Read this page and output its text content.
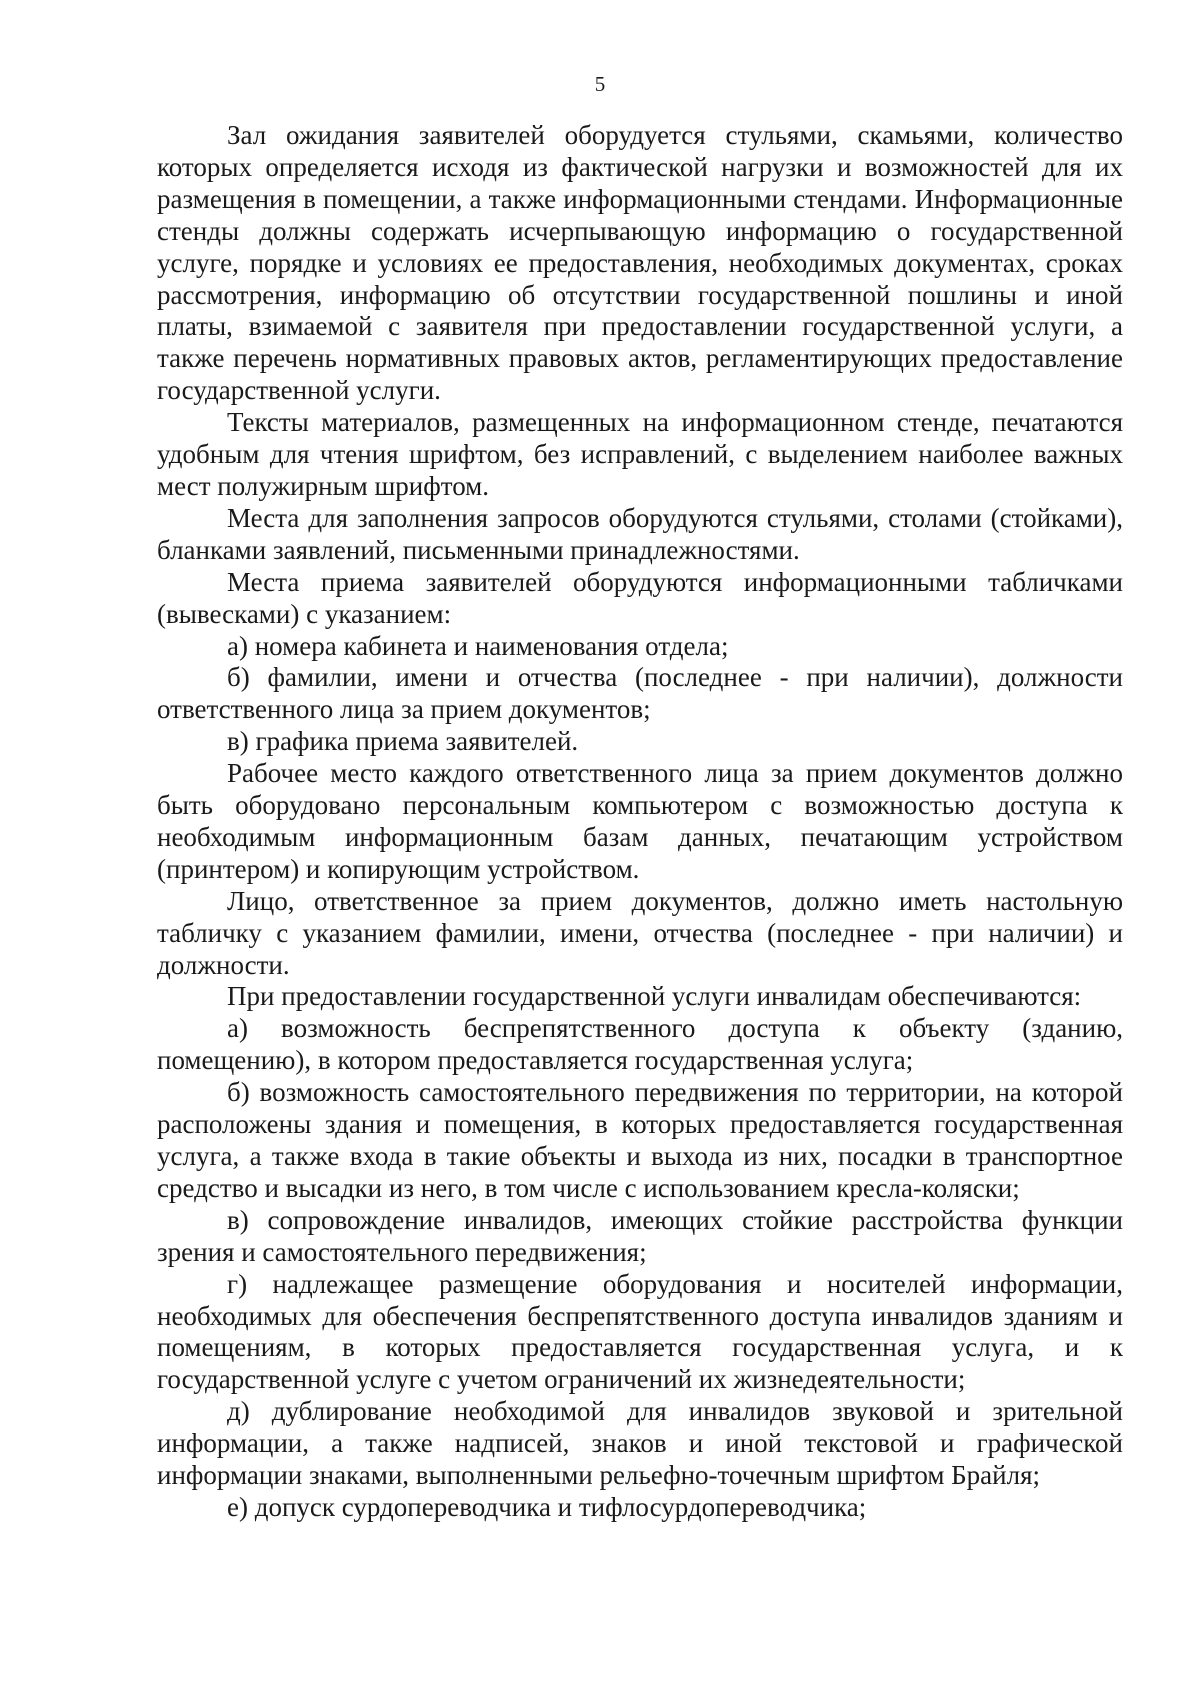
5

Зал ожидания заявителей оборудуется стульями, скамьями, количество которых определяется исходя из фактической нагрузки и возможностей для их размещения в помещении, а также информационными стендами. Информационные стенды должны содержать исчерпывающую информацию о государственной услуге, порядке и условиях ее предоставления, необходимых документах, сроках рассмотрения, информацию об отсутствии государственной пошлины и иной платы, взимаемой с заявителя при предоставлении государственной услуги, а также перечень нормативных правовых актов, регламентирующих предоставление государственной услуги.

Тексты материалов, размещенных на информационном стенде, печатаются удобным для чтения шрифтом, без исправлений, с выделением наиболее важных мест полужирным шрифтом.

Места для заполнения запросов оборудуются стульями, столами (стойками), бланками заявлений, письменными принадлежностями.

Места приема заявителей оборудуются информационными табличками (вывесками) с указанием:

а) номера кабинета и наименования отдела;

б) фамилии, имени и отчества (последнее - при наличии), должности ответственного лица за прием документов;

в) графика приема заявителей.

Рабочее место каждого ответственного лица за прием документов должно быть оборудовано персональным компьютером с возможностью доступа к необходимым информационным базам данных, печатающим устройством (принтером) и копирующим устройством.

Лицо, ответственное за прием документов, должно иметь настольную табличку с указанием фамилии, имени, отчества (последнее - при наличии) и должности.

При предоставлении государственной услуги инвалидам обеспечиваются:

а) возможность беспрепятственного доступа к объекту (зданию, помещению), в котором предоставляется государственная услуга;

б) возможность самостоятельного передвижения по территории, на которой расположены здания и помещения, в которых предоставляется государственная услуга, а также входа в такие объекты и выхода из них, посадки в транспортное средство и высадки из него, в том числе с использованием кресла-коляски;

в) сопровождение инвалидов, имеющих стойкие расстройства функции зрения и самостоятельного передвижения;

г) надлежащее размещение оборудования и носителей информации, необходимых для обеспечения беспрепятственного доступа инвалидов зданиям и помещениям, в которых предоставляется государственная услуга, и к государственной услуге с учетом ограничений их жизнедеятельности;

д) дублирование необходимой для инвалидов звуковой и зрительной информации, а также надписей, знаков и иной текстовой и графической информации знаками, выполненными рельефно-точечным шрифтом Брайля;

е) допуск сурдопереводчика и тифлосурдопереводчика;
